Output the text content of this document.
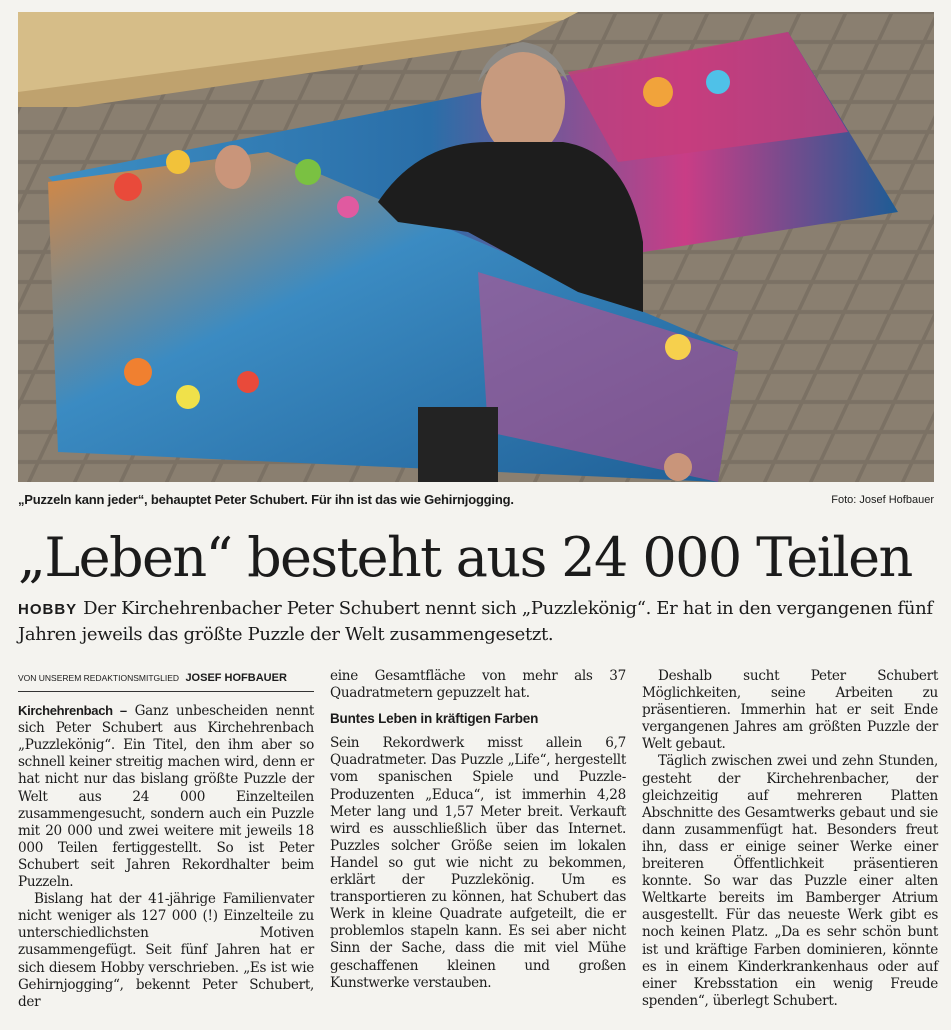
„Puzzeln kann jeder“, behauptet Peter Schubert. Für ihn ist das wie Gehirnjogging.	Foto: Josef Hofbauer
„Leben“ besteht aus 24 000 Teilen
HOBBY Der Kirchehrenbacher Peter Schubert nennt sich „Puzzlekönig“. Er hat in den vergangenen fünf Jahren jeweils das größte Puzzle der Welt zusammengesetzt.
VON UNSEREM REDAKTIONSMITGLIED JOSEF HOFBAUER

Kirchehrenbach – Ganz unbescheiden nennt sich Peter Schubert aus Kirchehrenbach „Puzzlekönig“. Ein Titel, den ihm aber so schnell keiner streitig machen wird, denn er hat nicht nur das bislang größte Puzzle der Welt aus 24 000 Einzelteilen zusammengesucht, sondern auch ein Puzzle mit 20 000 und zwei weitere mit jeweils 18 000 Teilen fertiggestellt. So ist Peter Schubert seit Jahren Rekordhalter beim Puzzeln.

Bislang hat der 41-jährige Familienvater nicht weniger als 127 000 (!) Einzelteile zu unterschiedlichsten Motiven zusammengefügt. Seit fünf Jahren hat er sich diesem Hobby verschrieben. „Es ist wie Gehirnjogging“, bekennt Peter Schubert, der

eine Gesamtfläche von mehr als 37 Quadratmetern gepuzzelt hat.

Buntes Leben in kräftigen Farben

Sein Rekordwerk misst allein 6,7 Quadratmeter. Das Puzzle „Life“, hergestellt vom spanischen Spiele und Puzzle-Produzenten „Educa“, ist immerhin 4,28 Meter lang und 1,57 Meter breit. Verkauft wird es ausschließlich über das Internet. Puzzles solcher Größe seien im lokalen Handel so gut wie nicht zu bekommen, erklärt der Puzzlekönig. Um es transportieren zu können, hat Schubert das Werk in kleine Quadrate aufgeteilt, die er problemlos stapeln kann. Es sei aber nicht Sinn der Sache, dass die mit viel Mühe geschaffenen kleinen und großen Kunstwerke verstauben.

Deshalb sucht Peter Schubert Möglichkeiten, seine Arbeiten zu präsentieren. Immerhin hat er seit Ende vergangenen Jahres am größten Puzzle der Welt gebaut.

Täglich zwischen zwei und zehn Stunden, gesteht der Kirchehrenbacher, der gleichzeitig auf mehreren Platten Abschnitte des Gesamtwerks gebaut und sie dann zusammenfügt hat. Besonders freut ihn, dass er einige seiner Werke einer breiteren Öffentlichkeit präsentieren konnte. So war das Puzzle einer alten Weltkarte bereits im Bamberger Atrium ausgestellt. Für das neueste Werk gibt es noch keinen Platz. „Da es sehr schön bunt ist und kräftige Farben dominieren, könnte es in einem Kinderkrankenhaus oder auf einer Krebsstation ein wenig Freude spenden“, überlegt Schubert.
